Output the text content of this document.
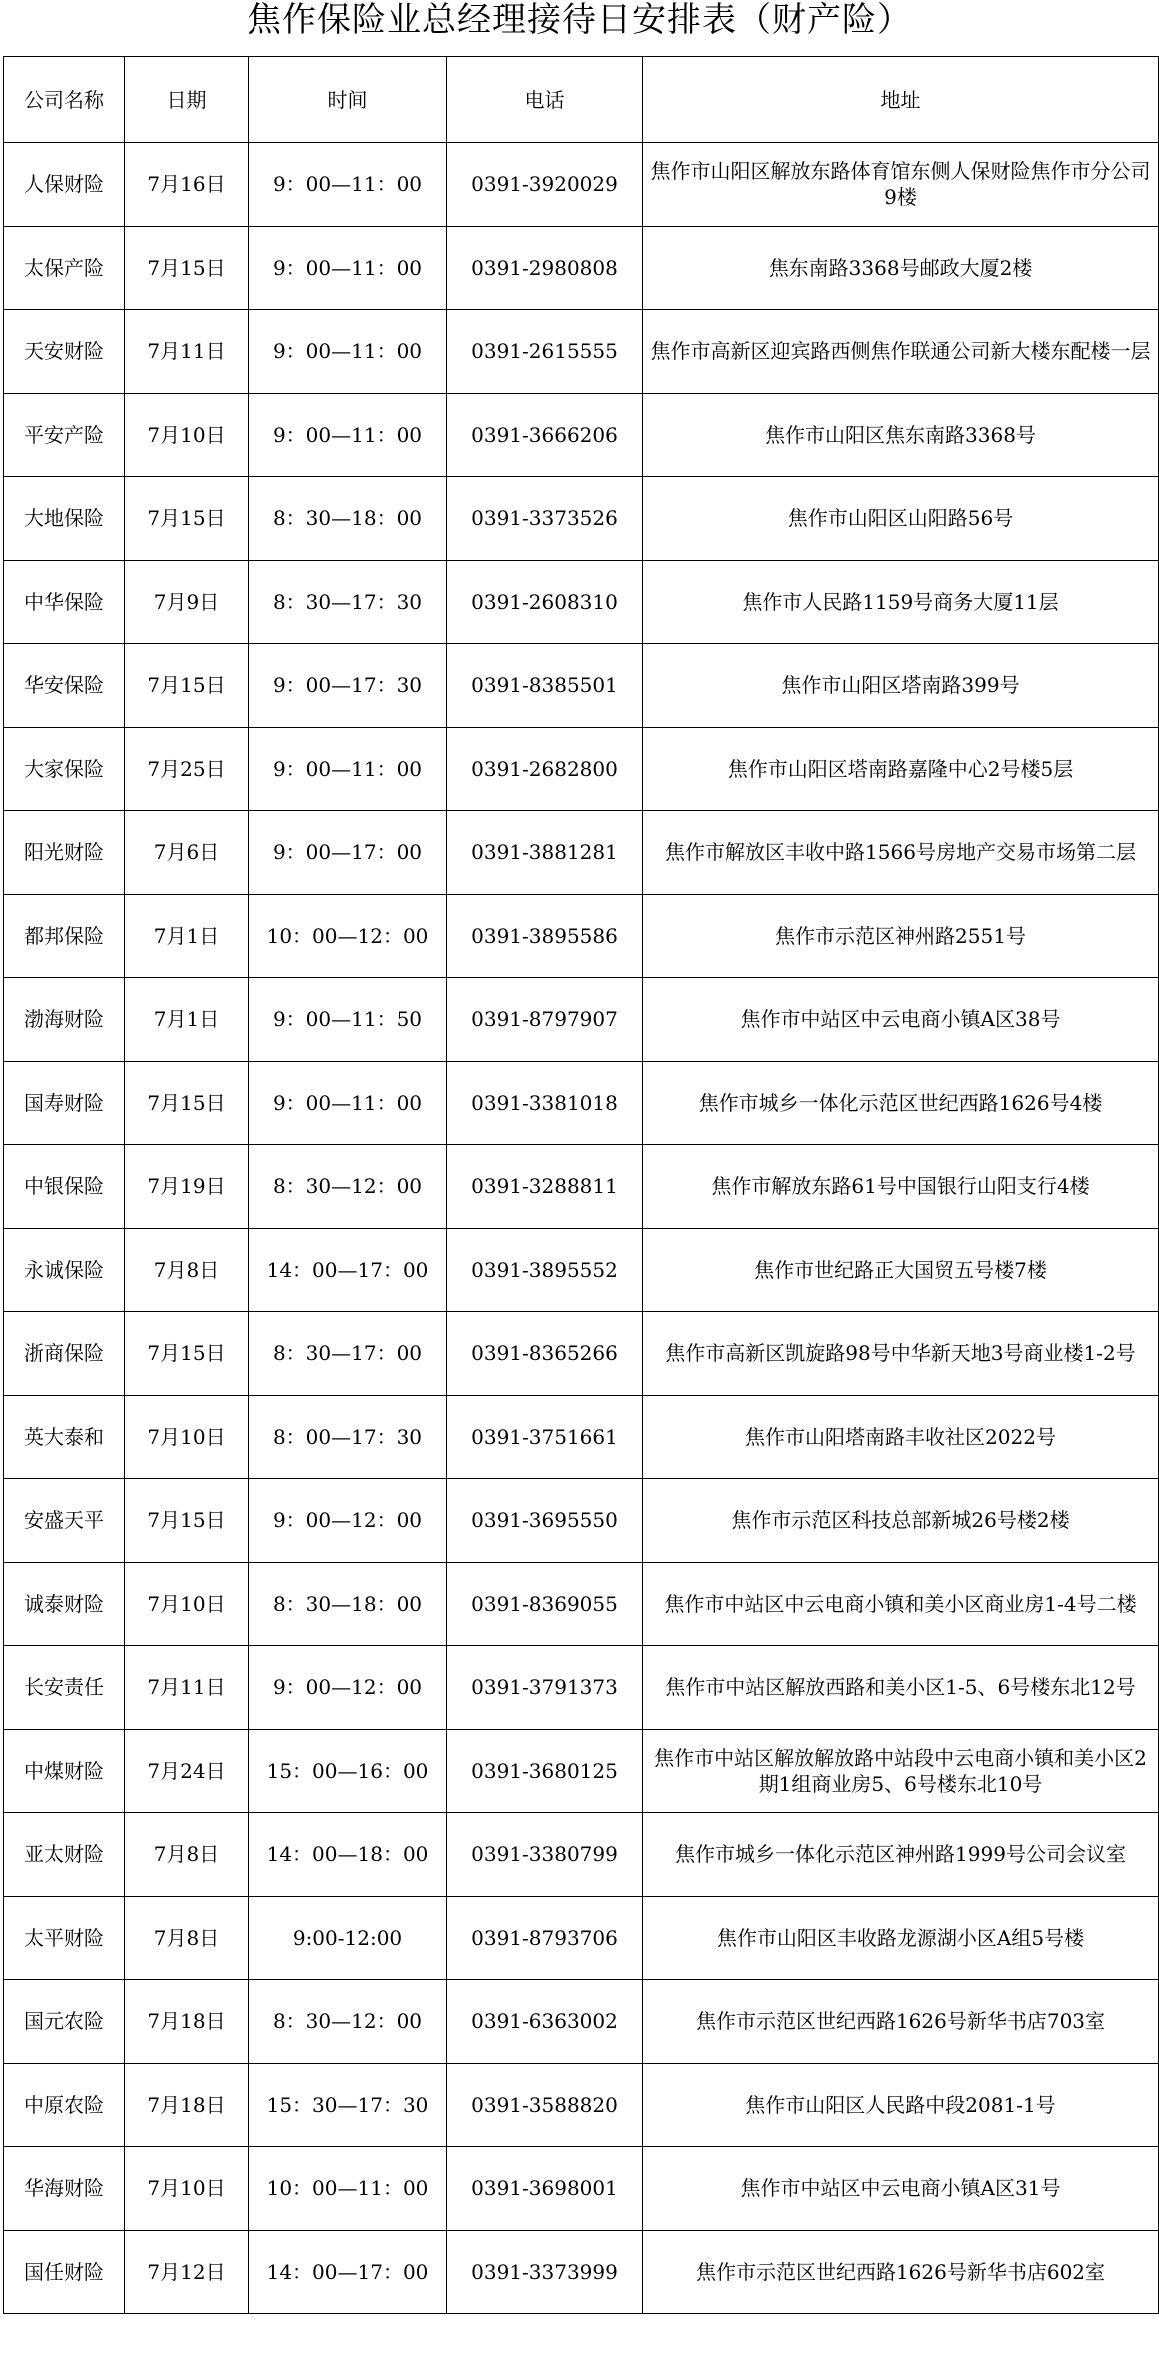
焦作保险业总经理接待日安排表（财产险）
公司名称	日期	时间	电话	地址
人保财险	7月16日	9：00—11：00	0391-3920029	焦作市山阳区解放东路体育馆东侧人保财险焦作市分公司9楼
太保产险	7月15日	9：00—11：00	0391-2980808	焦东南路3368号邮政大厦2楼
天安财险	7月11日	9：00—11：00	0391-2615555	焦作市高新区迎宾路西侧焦作联通公司新大楼东配楼一层
平安产险	7月10日	9：00—11：00	0391-3666206	焦作市山阳区焦东南路3368号
大地保险	7月15日	8：30—18：00	0391-3373526	焦作市山阳区山阳路56号
中华保险	7月9日	8：30—17：30	0391-2608310	焦作市人民路1159号商务大厦11层
华安保险	7月15日	9：00—17：30	0391-8385501	焦作市山阳区塔南路399号
大家保险	7月25日	9：00—11：00	0391-2682800	焦作市山阳区塔南路嘉隆中心2号楼5层
阳光财险	7月6日	9：00—17：00	0391-3881281	焦作市解放区丰收中路1566号房地产交易市场第二层
都邦保险	7月1日	10：00—12：00	0391-3895586	焦作市示范区神州路2551号
渤海财险	7月1日	9：00—11：50	0391-8797907	焦作市中站区中云电商小镇A区38号
国寿财险	7月15日	9：00—11：00	0391-3381018	焦作市城乡一体化示范区世纪西路1626号4楼
中银保险	7月19日	8：30—12：00	0391-3288811	焦作市解放东路61号中国银行山阳支行4楼
永诚保险	7月8日	14：00—17：00	0391-3895552	焦作市世纪路正大国贸五号楼7楼
浙商保险	7月15日	8：30—17：00	0391-8365266	焦作市高新区凯旋路98号中华新天地3号商业楼1-2号
英大泰和	7月10日	8：00—17：30	0391-3751661	焦作市山阳塔南路丰收社区2022号
安盛天平	7月15日	9：00—12：00	0391-3695550	焦作市示范区科技总部新城26号楼2楼
诚泰财险	7月10日	8：30—18：00	0391-8369055	焦作市中站区中云电商小镇和美小区商业房1-4号二楼
长安责任	7月11日	9：00—12：00	0391-3791373	焦作市中站区解放西路和美小区1-5、6号楼东北12号
中煤财险	7月24日	15：00—16：00	0391-3680125	焦作市中站区解放解放路中站段中云电商小镇和美小区2期1组商业房5、6号楼东北10号
亚太财险	7月8日	14：00—18：00	0391-3380799	焦作市城乡一体化示范区神州路1999号公司会议室
太平财险	7月8日	9:00-12:00	0391-8793706	焦作市山阳区丰收路龙源湖小区A组5号楼
国元农险	7月18日	8：30—12：00	0391-6363002	焦作市示范区世纪西路1626号新华书店703室
中原农险	7月18日	15：30—17：30	0391-3588820	焦作市山阳区人民路中段2081-1号
华海财险	7月10日	10：00—11：00	0391-3698001	焦作市中站区中云电商小镇A区31号
国任财险	7月12日	14：00—17：00	0391-3373999	焦作市示范区世纪西路1626号新华书店602室
